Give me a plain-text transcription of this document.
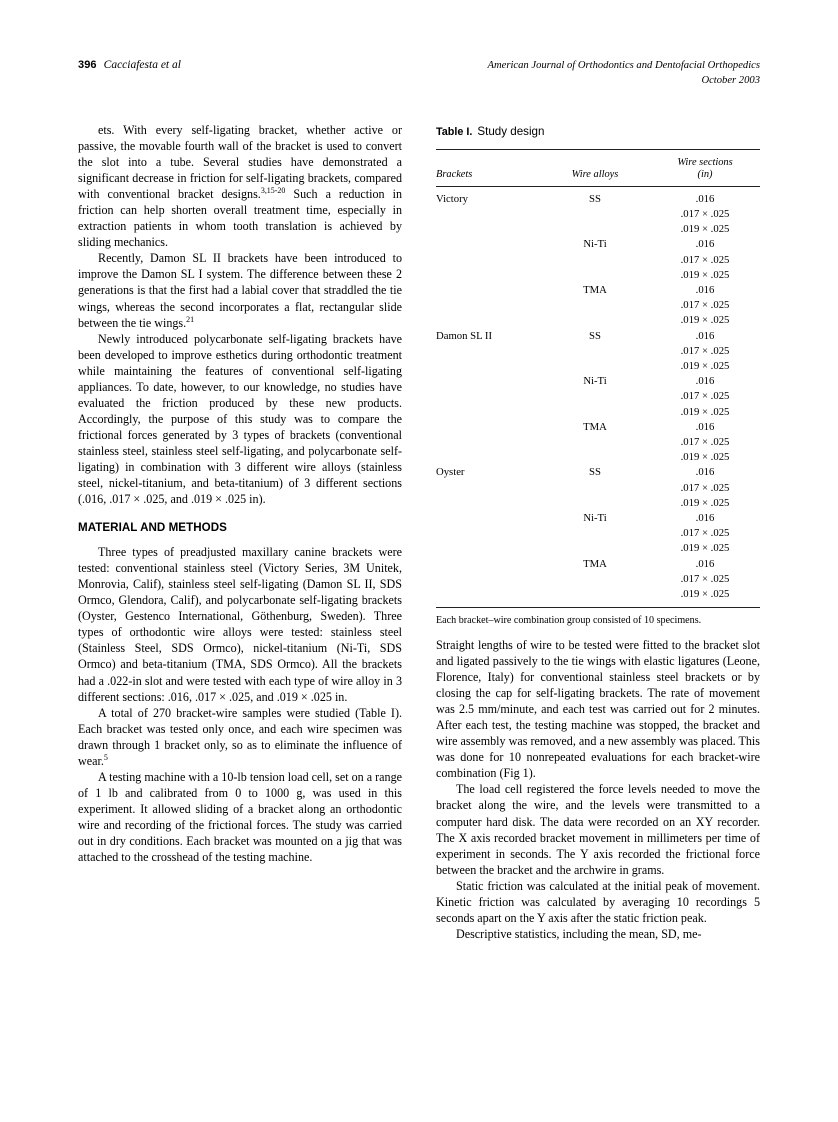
396 Cacciafesta et al	American Journal of Orthodontics and Dentofacial Orthopedics
October 2003

ets. With every self-ligating bracket, whether active or passive, the movable fourth wall of the bracket is used to convert the slot into a tube. Several studies have demonstrated a significant decrease in friction for self-ligating brackets, compared with conventional bracket designs.$^{3,15-20}$ Such a reduction in friction can help shorten overall treatment time, especially in extraction patients in whom tooth translation is achieved by sliding mechanics.

Recently, Damon SL II brackets have been introduced to improve the Damon SL I system. The difference between these 2 generations is that the first had a labial cover that straddled the tie wings, whereas the second incorporates a flat, rectangular slide between the tie wings.$^{21}$

Newly introduced polycarbonate self-ligating brackets have been developed to improve esthetics during orthodontic treatment while maintaining the features of conventional self-ligating appliances. To date, however, to our knowledge, no studies have evaluated the friction produced by these new products. Accordingly, the purpose of this study was to compare the frictional forces generated by 3 types of brackets (conventional stainless steel, stainless steel self-ligating, and polycarbonate self-ligating) in combination with 3 different wire alloys (stainless steel, nickel-titanium, and beta-titanium) of 3 different sections (.016, .017 × .025, and .019 × .025 in).

MATERIAL AND METHODS

Three types of preadjusted maxillary canine brackets were tested: conventional stainless steel (Victory Series, 3M Unitek, Monrovia, Calif), stainless steel self-ligating (Damon SL II, SDS Ormco, Glendora, Calif), and polycarbonate self-ligating brackets (Oyster, Gestenco International, Göthenburg, Sweden). Three types of orthodontic wire alloys were tested: stainless steel (Stainless Steel, SDS Ormco), nickel-titanium (Ni-Ti, SDS Ormco) and beta-titanium (TMA, SDS Ormco). All the brackets had a .022-in slot and were tested with each type of wire alloy in 3 different sections: .016, .017 × .025, and .019 × .025 in.

A total of 270 bracket-wire samples were studied (Table I). Each bracket was tested only once, and each wire specimen was drawn through 1 bracket only, so as to eliminate the influence of wear.$^5$

A testing machine with a 10-lb tension load cell, set on a range of 1 lb and calibrated from 0 to 1000 g, was used in this experiment. It allowed sliding of a bracket along an orthodontic wire and recording of the frictional forces. The study was carried out in dry conditions. Each bracket was mounted on a jig that was attached to the crosshead of the testing machine.

Table I. Study design
Brackets	Wire alloys	Wire sections
(in)

Victory	SS	.016
		.017 × .025
		.019 × .025
	Ni-Ti	.016
		.017 × .025
		.019 × .025
	TMA	.016
		.017 × .025
		.019 × .025
Damon SL II	SS	.016
		.017 × .025
		.019 × .025
	Ni-Ti	.016
		.017 × .025
		.019 × .025
	TMA	.016
		.017 × .025
		.019 × .025
Oyster	SS	.016
		.017 × .025
		.019 × .025
	Ni-Ti	.016
		.017 × .025
		.019 × .025
	TMA	.016
		.017 × .025
		.019 × .025
Each bracket–wire combination group consisted of 10 specimens.

Straight lengths of wire to be tested were fitted to the bracket slot and ligated passively to the tie wings with elastic ligatures (Leone, Florence, Italy) for conventional stainless steel brackets or by closing the cap for self-ligating brackets. The rate of movement was 2.5 mm/minute, and each test was carried out for 2 minutes. After each test, the testing machine was stopped, the bracket and wire assembly was removed, and a new assembly was placed. This was done for 10 nonrepeated evaluations for each bracket-wire combination (Fig 1).

The load cell registered the force levels needed to move the bracket along the wire, and the levels were transmitted to a computer hard disk. The data were recorded on an XY recorder. The X axis recorded bracket movement in millimeters per time of experiment in seconds. The Y axis recorded the frictional force between the bracket and the archwire in grams.

Static friction was calculated at the initial peak of movement. Kinetic friction was calculated by averaging 10 recordings 5 seconds apart on the Y axis after the static friction peak.

Descriptive statistics, including the mean, SD, me-
